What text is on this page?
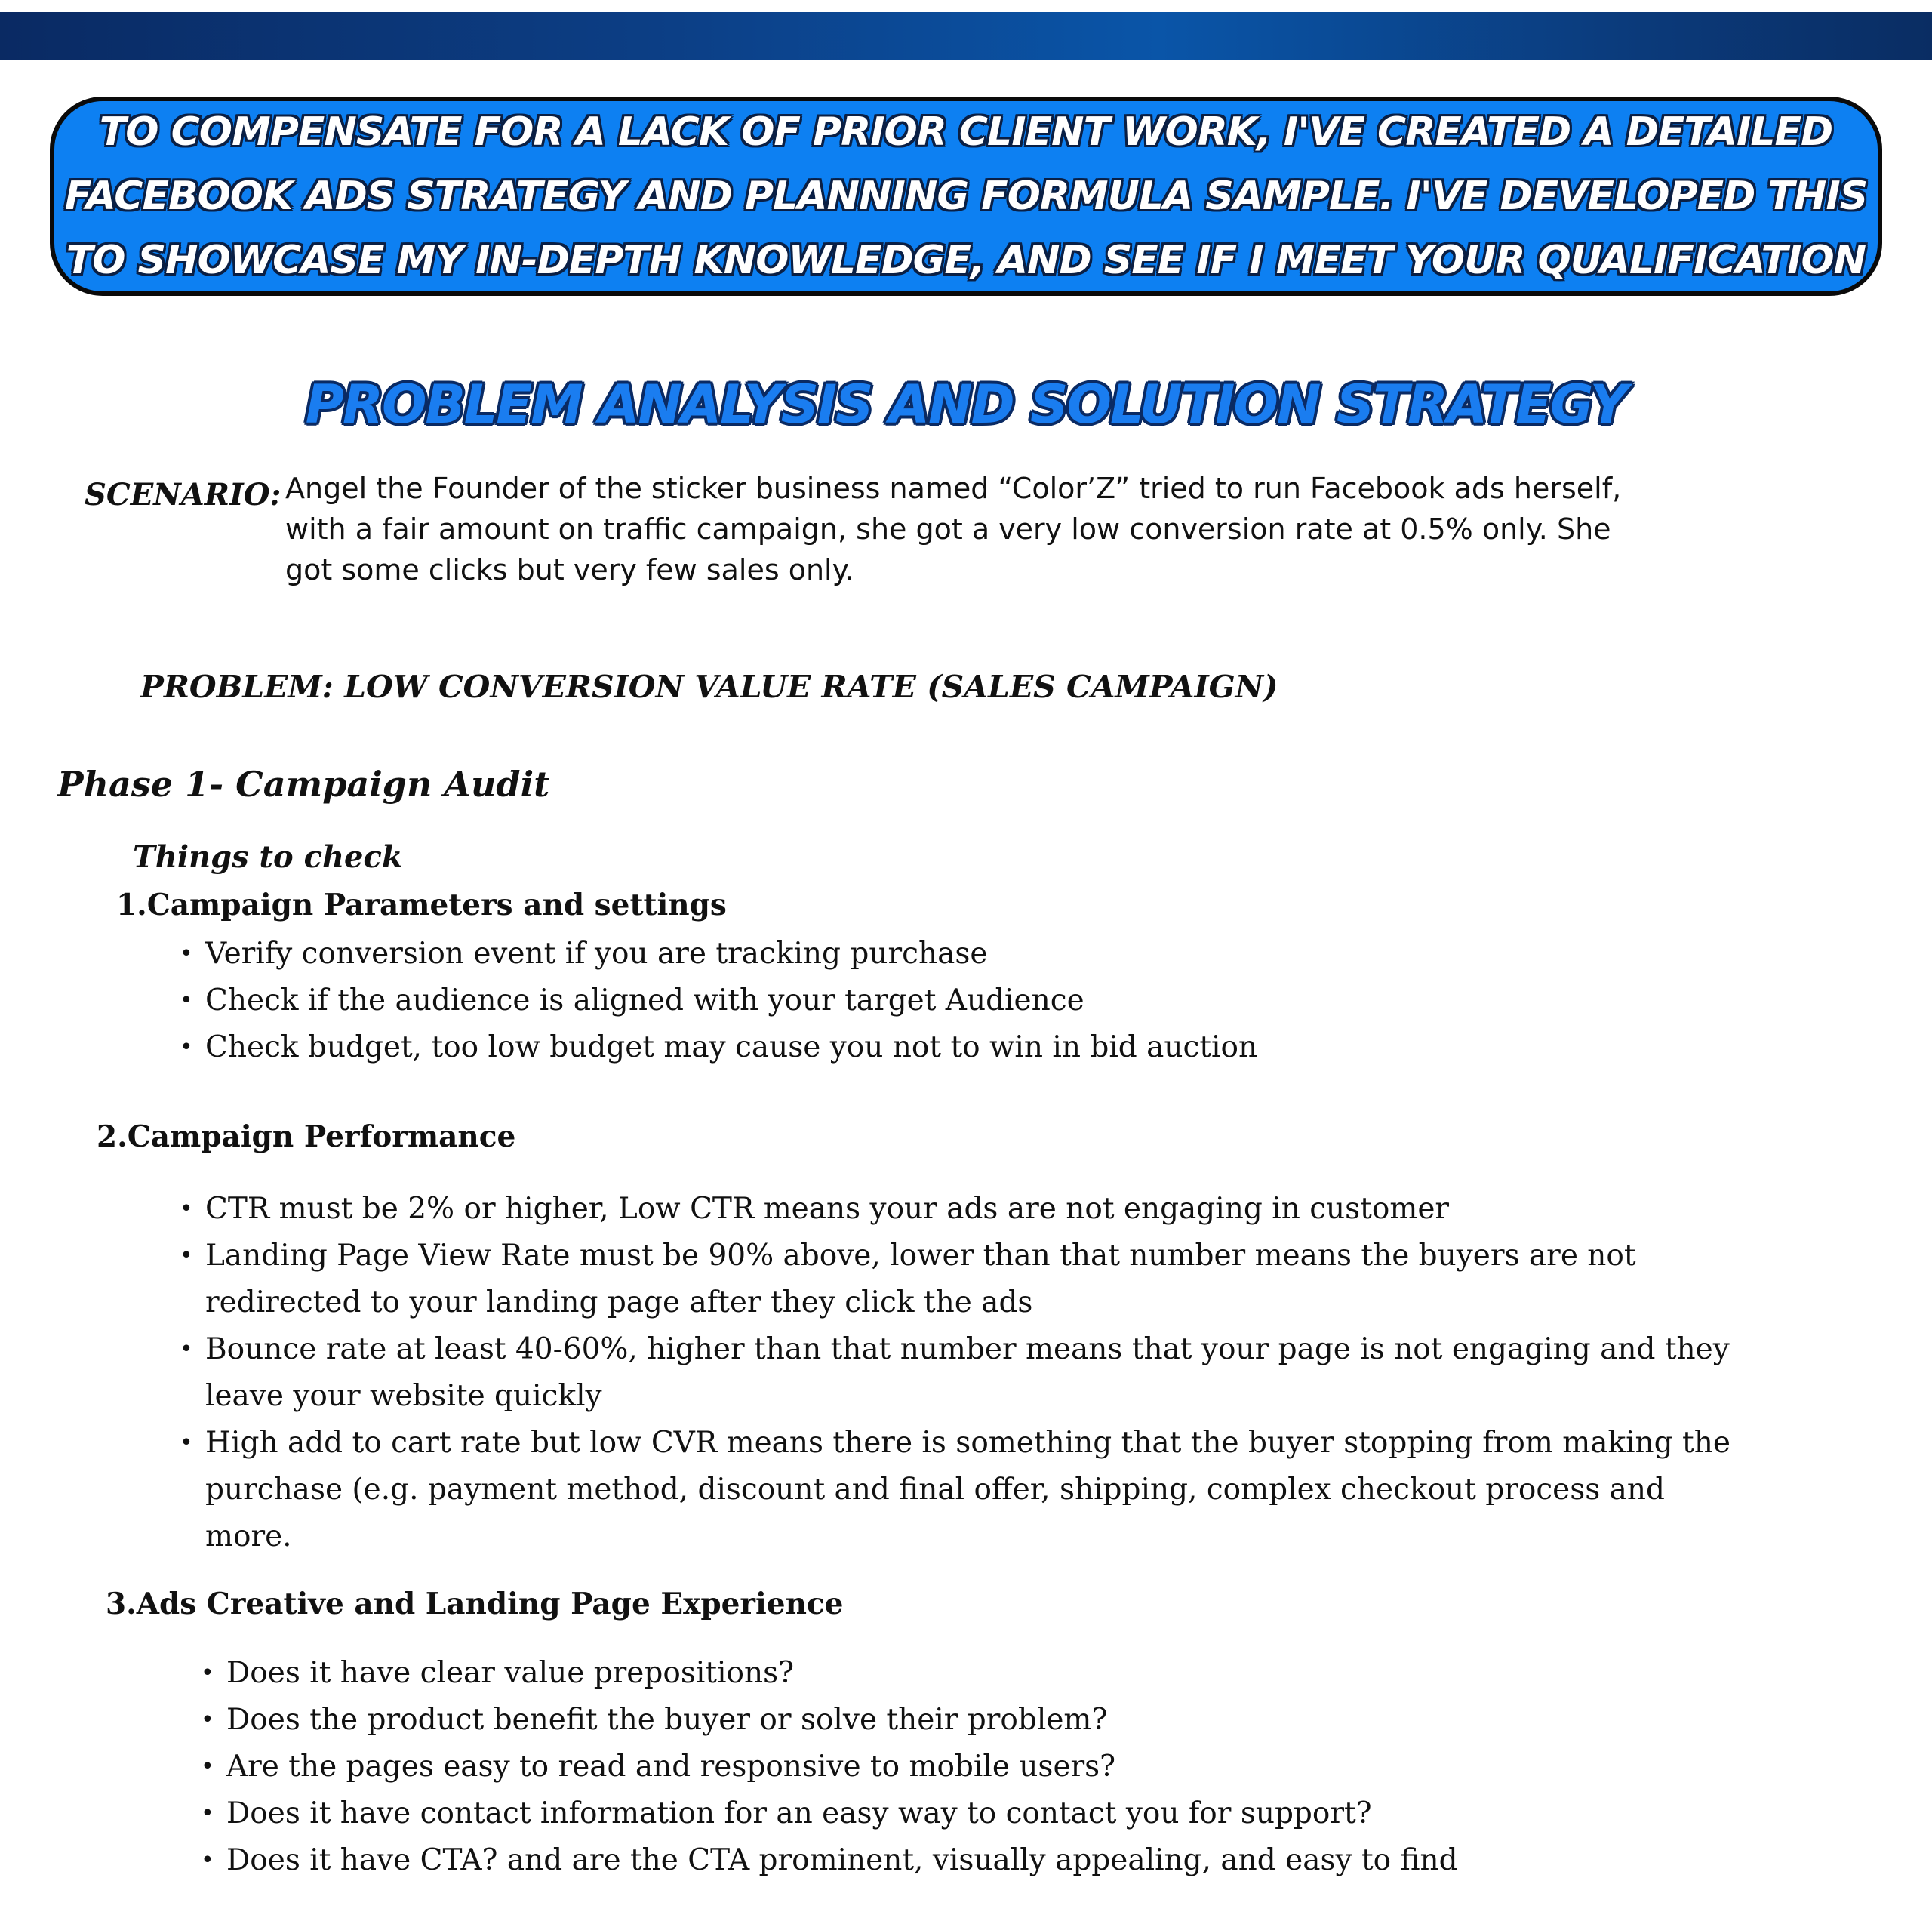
TO COMPENSATE FOR A LACK OF PRIOR CLIENT WORK, I'VE CREATED A DETAILED
FACEBOOK ADS STRATEGY AND PLANNING FORMULA SAMPLE. I'VE DEVELOPED THIS
TO SHOWCASE MY IN-DEPTH KNOWLEDGE, AND SEE IF I MEET YOUR QUALIFICATION
PROBLEM ANALYSIS AND SOLUTION STRATEGY
SCENARIO: Angel the Founder of the sticker business named “Color’Z” tried to run Facebook ads herself,
with a fair amount on traffic campaign, she got a very low conversion rate at 0.5% only. She
got some clicks but very few sales only.
PROBLEM: LOW CONVERSION VALUE RATE (SALES CAMPAIGN)
Phase 1- Campaign Audit
Things to check
1.Campaign Parameters and settings
• Verify conversion event if you are tracking purchase
• Check if the audience is aligned with your target Audience
• Check budget, too low budget may cause you not to win in bid auction
2.Campaign Performance
• CTR must be 2% or higher, Low CTR means your ads are not engaging in customer
• Landing Page View Rate must be 90% above, lower than that number means the buyers are not redirected to your landing page after they click the ads
• Bounce rate at least 40-60%, higher than that number means that your page is not engaging and they leave your website quickly
• High add to cart rate but low CVR means there is something that the buyer stopping from making the purchase (e.g. payment method, discount and final offer, shipping, complex checkout process and more.
3.Ads Creative and Landing Page Experience
• Does it have clear value prepositions?
• Does the product benefit the buyer or solve their problem?
• Are the pages easy to read and responsive to mobile users?
• Does it have contact information for an easy way to contact you for support?
• Does it have CTA? and are the CTA prominent, visually appealing, and easy to find
